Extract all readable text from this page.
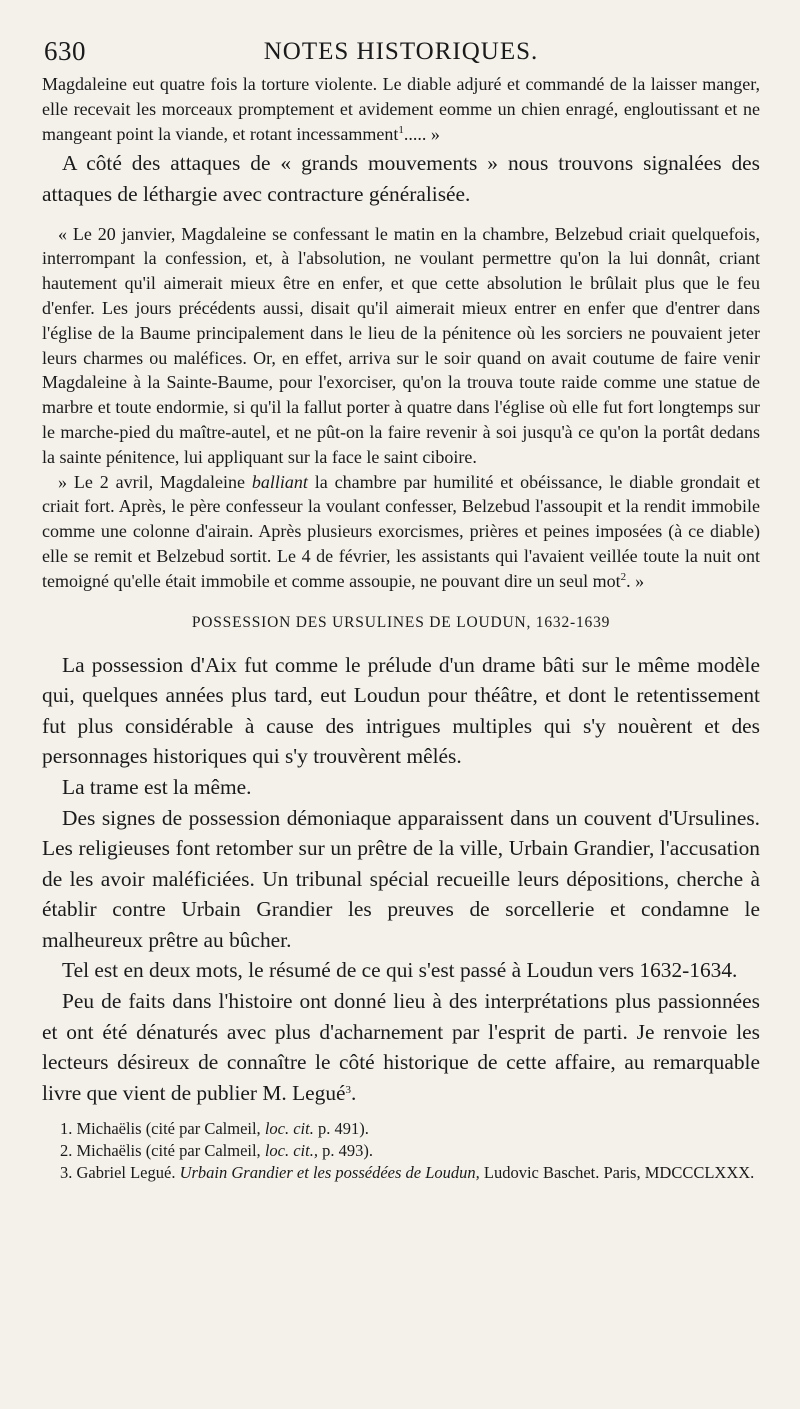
630	NOTES HISTORIQUES.

Magdaleine eut quatre fois la torture violente. Le diable adjuré et commandé de la laisser manger, elle recevait les morceaux promptement et avidement eomme un chien enragé, engloutissant et ne mangeant point la viande, et rotant incessamment$^1$..... »

A côté des attaques de « grands mouvements » nous trouvons signalées des attaques de léthargie avec contracture généralisée.

« Le 20 janvier, Magdaleine se confessant le matin en la chambre, Belzebud criait quelquefois, interrompant la confession, et, à l'absolution, ne voulant permettre qu'on la lui donnât, criant hautement qu'il aimerait mieux être en enfer, et que cette absolution le brûlait plus que le feu d'enfer. Les jours précédents aussi, disait qu'il aimerait mieux entrer en enfer que d'entrer dans l'église de la Baume principalement dans le lieu de la pénitence où les sorciers ne pouvaient jeter leurs charmes ou maléfices. Or, en effet, arriva sur le soir quand on avait coutume de faire venir Magdaleine à la Sainte-Baume, pour l'exorciser, qu'on la trouva toute raide comme une statue de marbre et toute endormie, si qu'il la fallut porter à quatre dans l'église où elle fut fort longtemps sur le marche-pied du maître-autel, et ne pût-on la faire revenir à soi jusqu'à ce qu'on la portât dedans la sainte pénitence, lui appliquant sur la face le saint ciboire.

» Le 2 avril, Magdaleine balliant la chambre par humilité et obéissance, le diable grondait et criait fort. Après, le père confesseur la voulant confesser, Belzebud l'assoupit et la rendit immobile comme une colonne d'airain. Après plusieurs exorcismes, prières et peines imposées (à ce diable) elle se remit et Belzebud sortit. Le 4 de février, les assistants qui l'avaient veillée toute la nuit ont temoigné qu'elle était immobile et comme assoupie, ne pouvant dire un seul mot$^2$. »

POSSESSION DES URSULINES DE LOUDUN, 1632-1639

La possession d'Aix fut comme le prélude d'un drame bâti sur le même modèle qui, quelques années plus tard, eut Loudun pour théâtre, et dont le retentissement fut plus considérable à cause des intrigues multiples qui s'y nouèrent et des personnages historiques qui s'y trouvèrent mêlés.

La trame est la même.

Des signes de possession démoniaque apparaissent dans un couvent d'Ursulines. Les religieuses font retomber sur un prêtre de la ville, Urbain Grandier, l'accusation de les avoir maléficiées. Un tribunal spécial recueille leurs dépositions, cherche à établir contre Urbain Grandier les preuves de sorcellerie et condamne le malheureux prêtre au bûcher.

Tel est en deux mots, le résumé de ce qui s'est passé à Loudun vers 1632-1634.

Peu de faits dans l'histoire ont donné lieu à des interprétations plus passionnées et ont été dénaturés avec plus d'acharnement par l'esprit de parti. Je renvoie les lecteurs désireux de connaître le côté historique de cette affaire, au remarquable livre que vient de publier M. Legué$^3$.

1. Michaëlis (cité par Calmeil, loc. cit. p. 491).

2. Michaëlis (cité par Calmeil, loc. cit., p. 493).

3. Gabriel Legué. Urbain Grandier et les possédées de Loudun, Ludovic Baschet. Paris, MDCCCLXXX.
